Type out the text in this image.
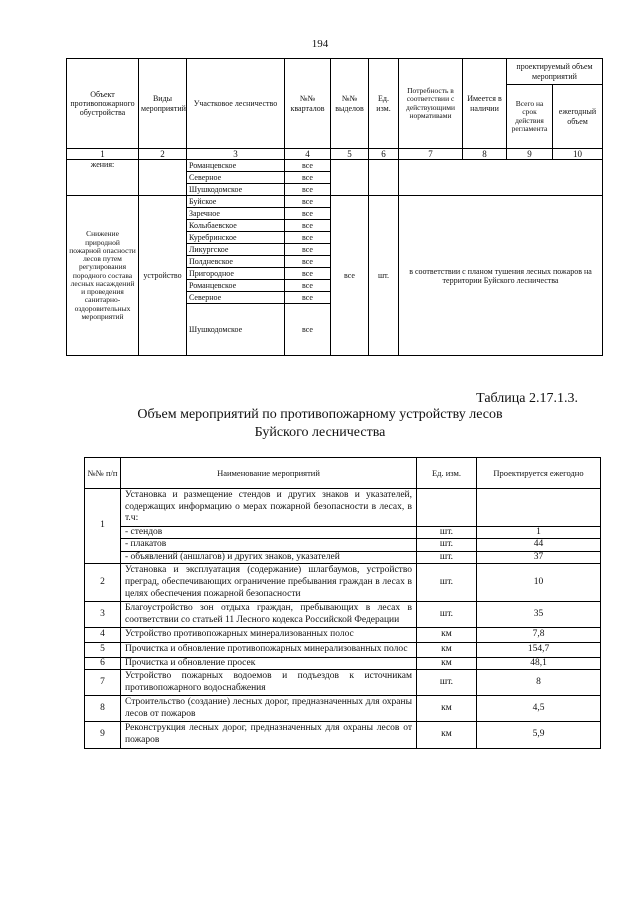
194
Объект противопожарного обустройства	Виды мероприятий	Участковое лесничество	№№ кварталов	№№ выделов	Ед. изм.	Потребность в соответствии с действующими нормативами	Имеется в наличии	проектируемый объем мероприятий	
								Всего на срок действия регламента	ежегодный объем
1	2	3	4	5	6	7	8	9	10
жения:		Романцевское	все						
		Северное	все						
		Шушкодомское	все						
Снижение природной пожарной опасности лесов путем регулирования породного состава лесных насаждений и проведения санитарно-оздоровительных мероприятий	устройство	Буйское	все	все	шт.	в соответствии с планом тушения лесных пожаров на территории Буйского лесничества			
		Заречное	все						
		Колыбаевское	все						
		Куребринское	все						
		Ликургское	все						
		Полдневское	все						
		Пригородное	все						
		Романцевское	все						
		Северное	все						
		Шушкодомское	все						
Таблица 2.17.1.3.
Объем мероприятий по противопожарному устройству лесов
Буйского лесничества
№№ п/п	Наименование мероприятий	Ед. изм.	Проектируется ежегодно
1	Установка и размещение стендов и других знаков и указателей, содержащих информацию о мерах пожарной безопасности в лесах, в т.ч:		
	- стендов	шт.	1
	- плакатов	шт.	44
	- объявлений (аншлагов) и других знаков, указателей	шт.	37
2	Установка и эксплуатация (содержание) шлагбаумов, устройство преград, обеспечивающих ограничение пребывания граждан в лесах в целях обеспечения пожарной безопасности	шт.	10
3	Благоустройство зон отдыха граждан, пребывающих в лесах в соответствии со статьей 11 Лесного кодекса Российской Федерации	шт.	35
4	Устройство противопожарных минерализованных полос	км	7,8
5	Прочистка и обновление противопожарных минерализованных полос	км	154,7
6	Прочистка и обновление просек	км	48,1
7	Устройство пожарных водоемов и подъездов к источникам противопожарного водоснабжения	шт.	8
8	Строительство (создание) лесных дорог, предназначенных для охраны лесов от пожаров	км	4,5
9	Реконструкция лесных дорог, предназначенных для охраны лесов от пожаров	км	5,9
